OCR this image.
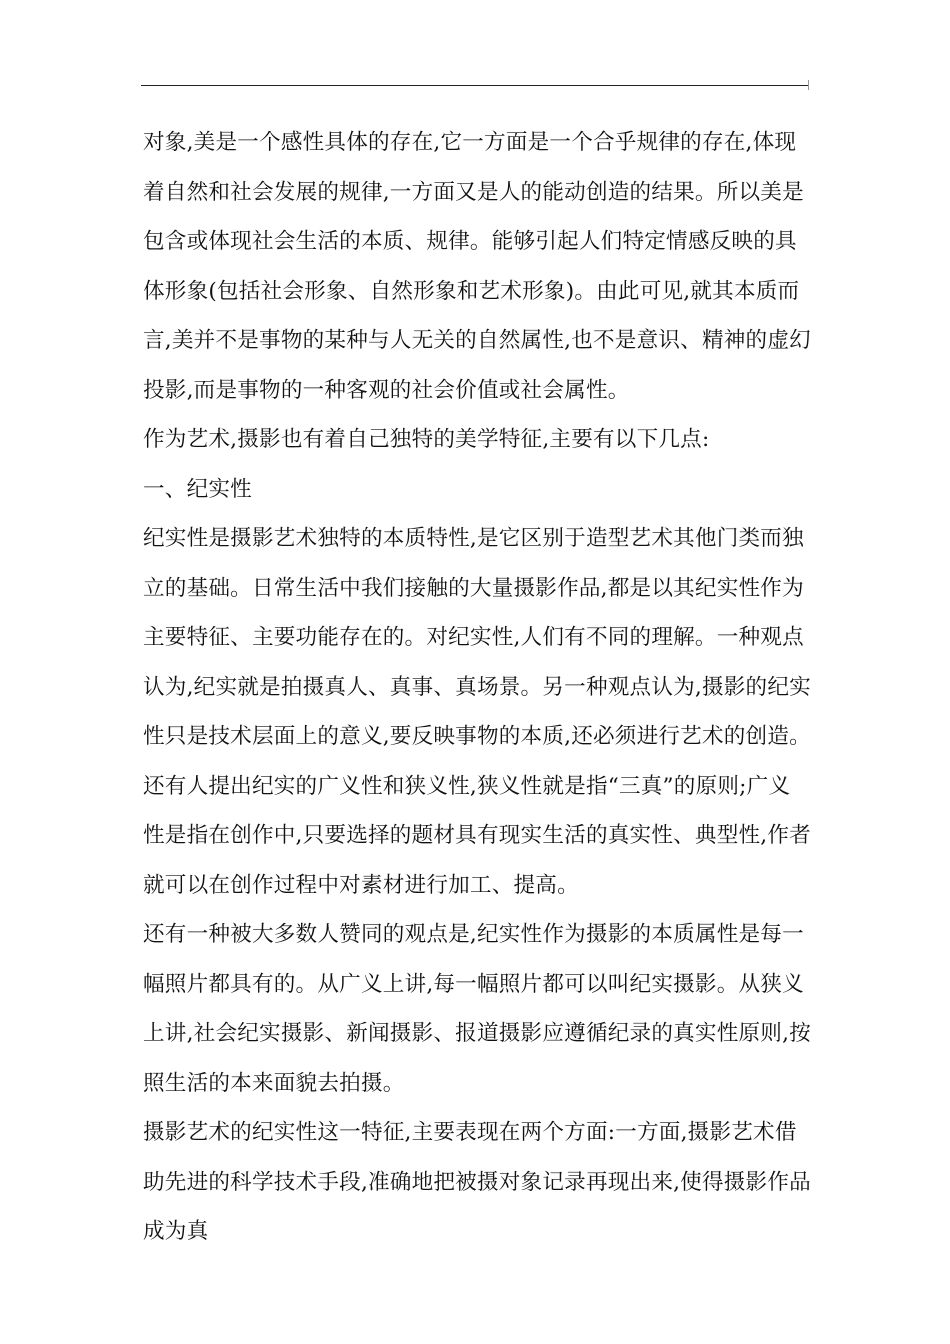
对象,美是一个感性具体的存在,它一方面是一个合乎规律的存在,体现着自然和社会发展的规律,一方面又是人的能动创造的结果。所以美是包含或体现社会生活的本质、规律。能够引起人们特定情感反映的具体形象(包括社会形象、自然形象和艺术形象)。由此可见,就其本质而言,美并不是事物的某种与人无关的自然属性,也不是意识、精神的虚幻投影,而是事物的一种客观的社会价值或社会属性。

作为艺术,摄影也有着自己独特的美学特征,主要有以下几点:

一、纪实性

纪实性是摄影艺术独特的本质特性,是它区别于造型艺术其他门类而独立的基础。日常生活中我们接触的大量摄影作品,都是以其纪实性作为主要特征、主要功能存在的。对纪实性,人们有不同的理解。一种观点认为,纪实就是拍摄真人、真事、真场景。另一种观点认为,摄影的纪实性只是技术层面上的意义,要反映事物的本质,还必须进行艺术的创造。还有人提出纪实的广义性和狭义性,狭义性就是指“三真”的原则;广义性是指在创作中,只要选择的题材具有现实生活的真实性、典型性,作者就可以在创作过程中对素材进行加工、提高。

还有一种被大多数人赞同的观点是,纪实性作为摄影的本质属性是每一幅照片都具有的。从广义上讲,每一幅照片都可以叫纪实摄影。从狭义上讲,社会纪实摄影、新闻摄影、报道摄影应遵循纪录的真实性原则,按照生活的本来面貌去拍摄。

摄影艺术的纪实性这一特征,主要表现在两个方面:一方面,摄影艺术借助先进的科学技术手段,准确地把被摄对象记录再现出来,使得摄影作品成为真
